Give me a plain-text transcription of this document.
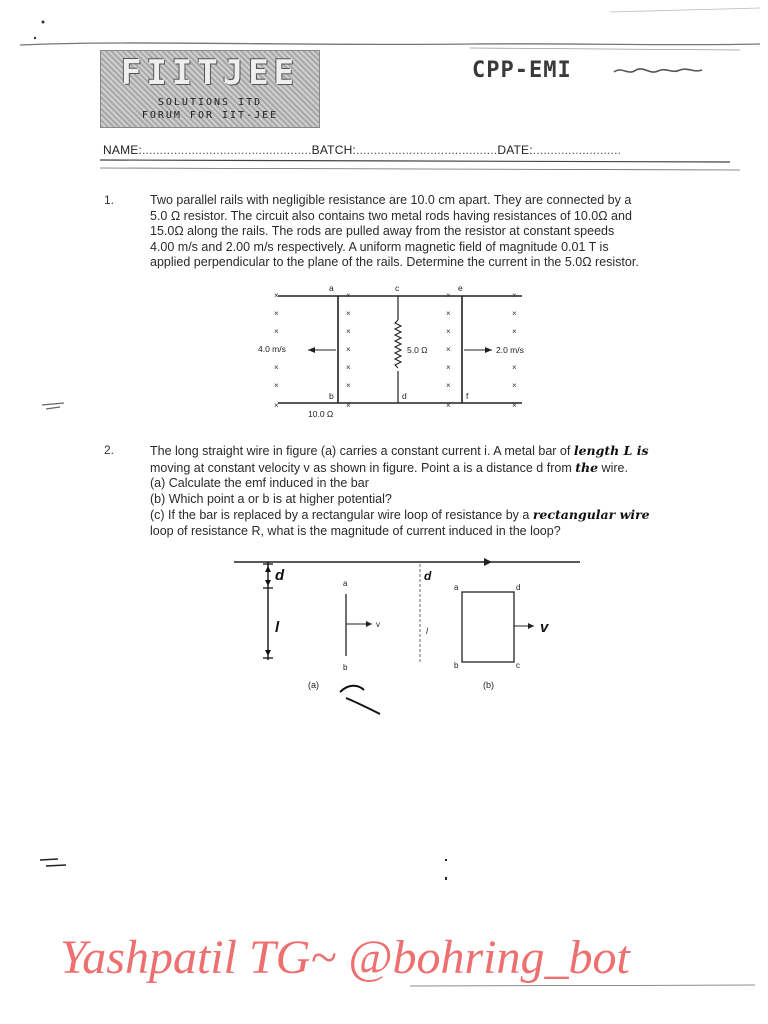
FIITJEE
SOLUTIONS ITD
FORUM FOR IIT-JEE
CPP-EMI
NAME:................................................BATCH:........................................DATE:.........................
1.	Two parallel rails with negligible resistance are 10.0 cm apart. They are connected by a
5.0 Ω resistor. The circuit also contains two metal rods having resistances of 10.0Ω and
15.0Ω along the rails. The rods are pulled away from the resistor at constant speeds
4.00 m/s and 2.00 m/s respectively. A uniform magnetic field of magnitude 0.01 T is
applied perpendicular to the plane of the rails. Determine the current in the 5.0Ω resistor.
×	×	×	×
×	×	×	×
×	×	×	×
×	×
×	×	×	×
×	×	×	×
×	×	×	×
a	c	e
b	d	f
4.0 m/s	2.0 m/s
5.0 Ω
10.0 Ω
2.	The long straight wire in figure (a) carries a constant current i. A metal bar of length L is
moving at constant velocity v as shown in figure. Point a is a distance d from the wire.
(a) Calculate the emf induced in the bar
(b) Which point a or b is at higher potential?
(c) If the bar is replaced by a rectangular wire loop of resistance by a rectangular wire
loop of resistance R, what is the magnitude of current induced in the loop?
d
l
a
b
v
(a)
d
l	v
a	d
b	c
(b)
Yashpatil TG~ @bohring_bot
